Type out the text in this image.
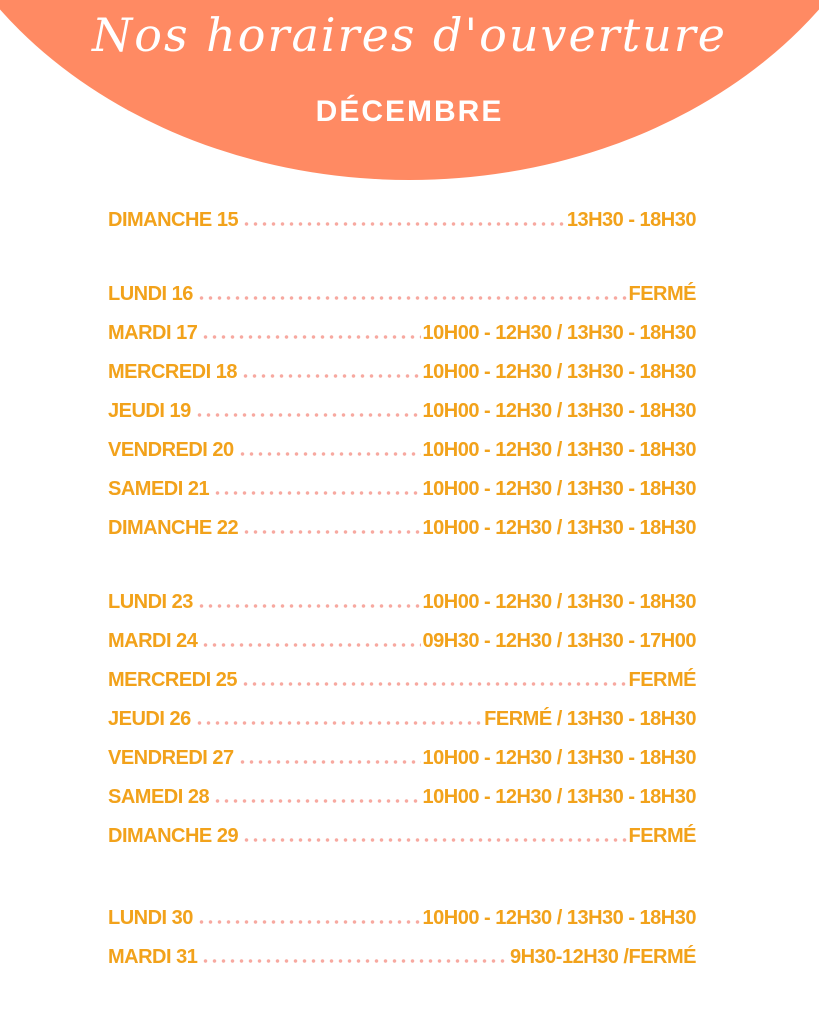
Nos horaires d'ouverture
DÉCEMBRE
DIMANCHE 15	13H30 - 18H30
LUNDI 16	FERMÉ
MARDI 17	10H00 - 12H30 / 13H30 - 18H30
MERCREDI 18	10H00 - 12H30 / 13H30 - 18H30
JEUDI 19	10H00 - 12H30 / 13H30 - 18H30
VENDREDI 20	10H00 - 12H30 / 13H30 - 18H30
SAMEDI 21	10H00 - 12H30 / 13H30 - 18H30
DIMANCHE 22	10H00 - 12H30 / 13H30 - 18H30
LUNDI 23	10H00 - 12H30 / 13H30 - 18H30
MARDI 24	09H30 - 12H30 / 13H30 - 17H00
MERCREDI 25	FERMÉ
JEUDI 26	FERMÉ / 13H30 - 18H30
VENDREDI 27	10H00 - 12H30 / 13H30 - 18H30
SAMEDI 28	10H00 - 12H30 / 13H30 - 18H30
DIMANCHE 29	FERMÉ
LUNDI 30	10H00 - 12H30 / 13H30 - 18H30
MARDI 31	9H30-12H30 /FERMÉ
